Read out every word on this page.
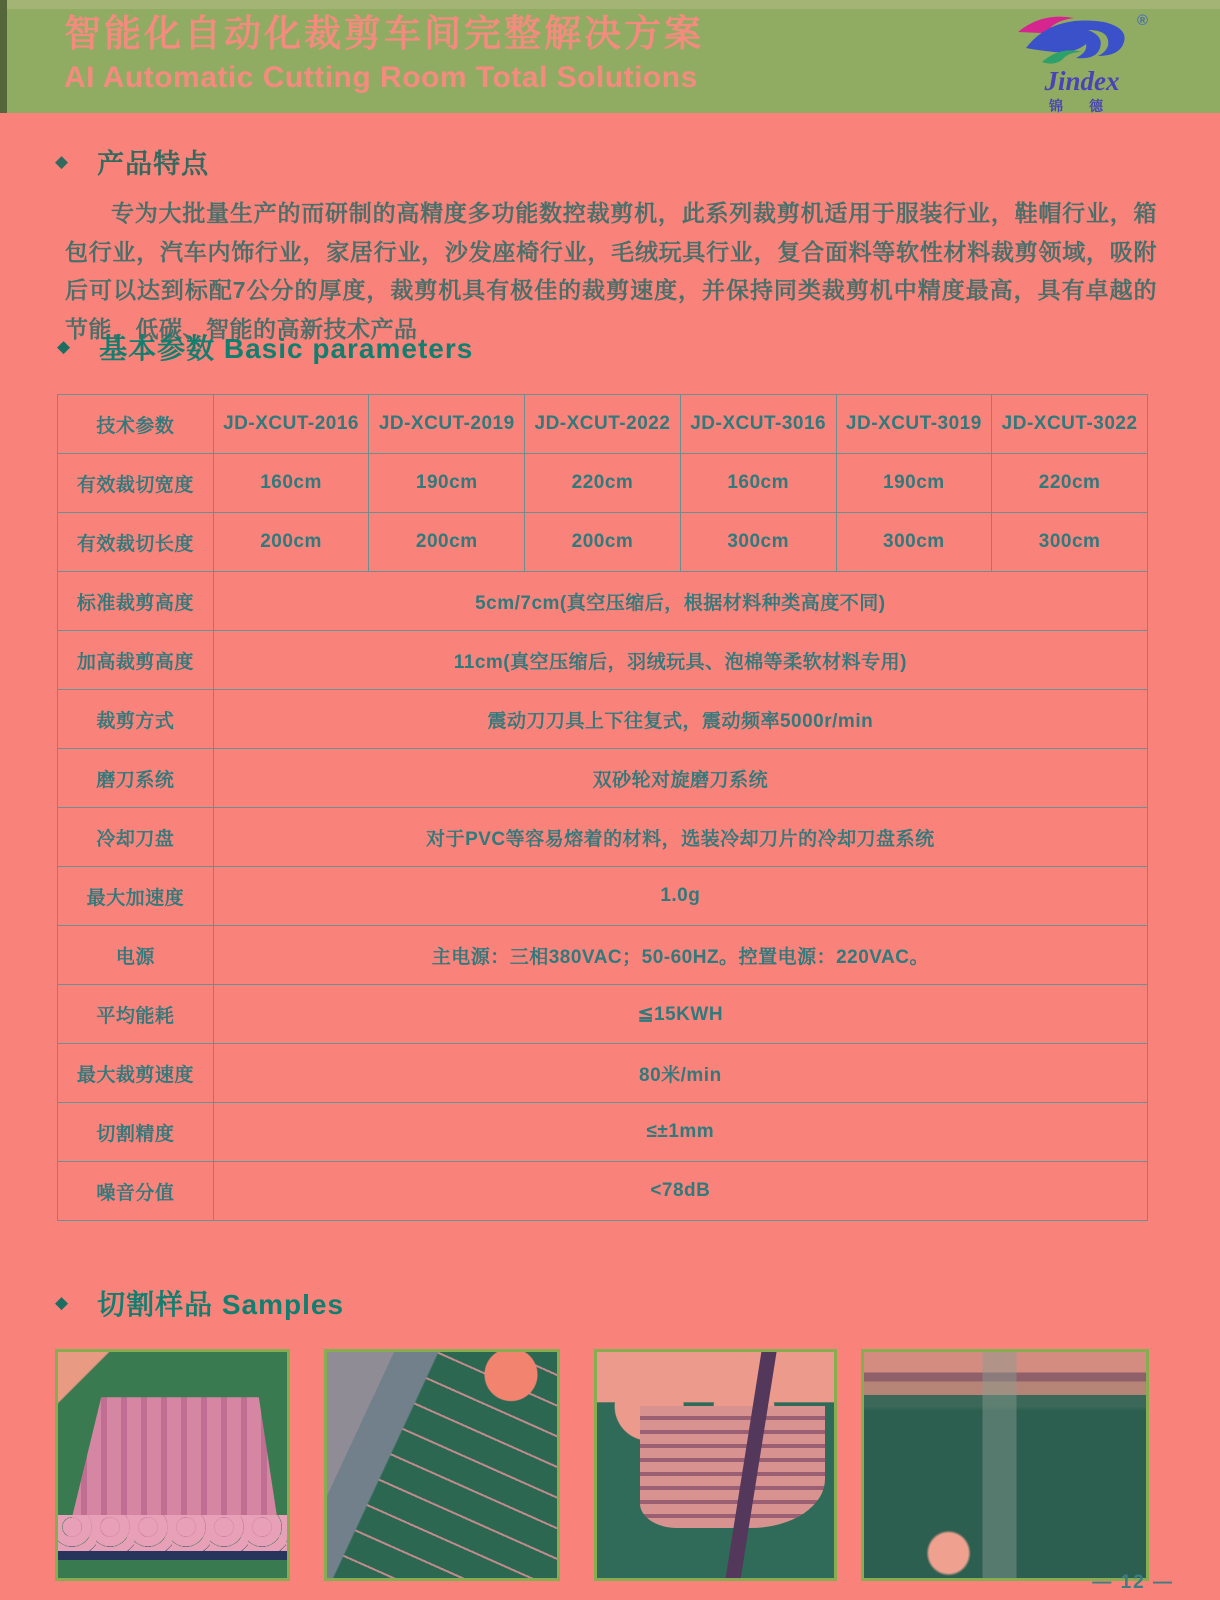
智能化自动化裁剪车间完整解决方案
AI Automatic Cutting Room Total Solutions
®
Jindex
锦德
◆ 产品特点

专为大批量生产的而研制的高精度多功能数控裁剪机，此系列裁剪机适用于服装行业，鞋帽行业，箱包行业，汽车内饰行业，家居行业，沙发座椅行业，毛绒玩具行业，复合面料等软性材料裁剪领域，吸附后可以达到标配7公分的厚度，裁剪机具有极佳的裁剪速度，并保持同类裁剪机中精度最高，具有卓越的节能，低碳、智能的高新技术产品

◆ 基本参数 Basic parameters
技术参数	JD-XCUT-2016	JD-XCUT-2019	JD-XCUT-2022	JD-XCUT-3016	JD-XCUT-3019	JD-XCUT-3022
有效裁切宽度	160cm	190cm	220cm	160cm	190cm	220cm
有效裁切长度	200cm	200cm	200cm	300cm	300cm	300cm
标准裁剪高度	5cm/7cm(真空压缩后，根据材料种类高度不同)					
加高裁剪高度	11cm(真空压缩后，羽绒玩具、泡棉等柔软材料专用)					
裁剪方式	震动刀刀具上下往复式，震动频率5000r/min					
磨刀系统	双砂轮对旋磨刀系统					
冷却刀盘	对于PVC等容易熔着的材料，选装冷却刀片的冷却刀盘系统					
最大加速度	1.0g					
电源	主电源：三相380VAC；50-60HZ。控置电源：220VAC。					
平均能耗	≦15KWH					
最大裁剪速度	80米/min					
切割精度	≤±1mm					
噪音分值	<78dB					
◆ 切割样品 Samples
— 12 —
